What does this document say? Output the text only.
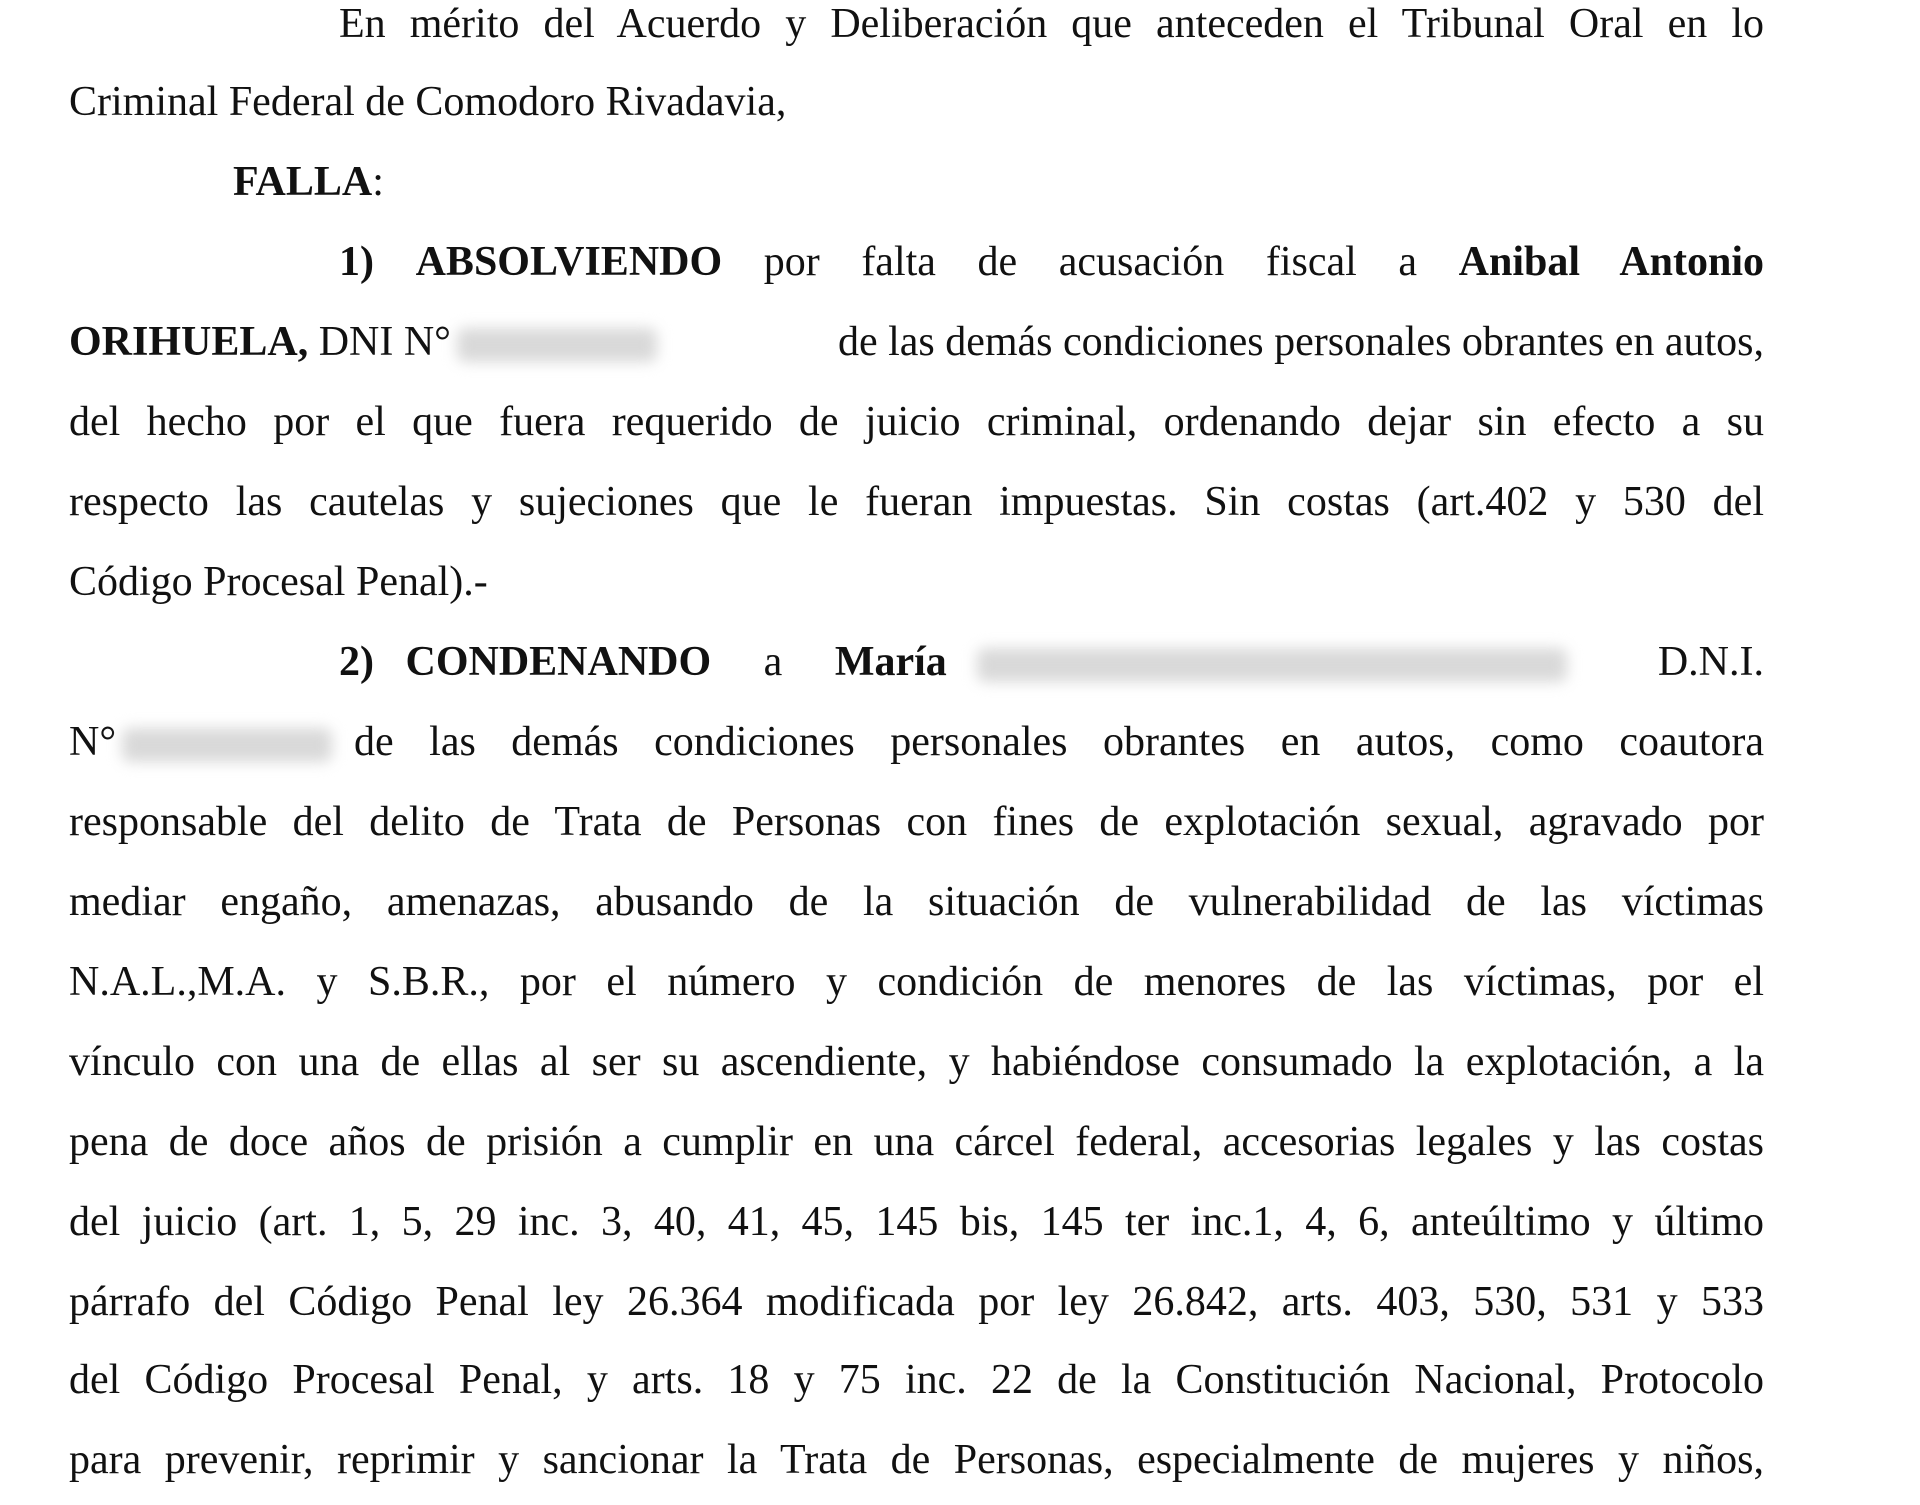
En mérito del Acuerdo y Deliberación que anteceden el Tribunal Oral en lo
Criminal Federal de Comodoro Rivadavia,
FALLA:
1) ABSOLVIENDO por falta de acusación fiscal a Anibal Antonio
ORIHUELA, DNI N°	de las demás condiciones personales obrantes en autos,
del hecho por el que fuera requerido de juicio criminal, ordenando dejar sin efecto a su
respecto las cautelas y sujeciones que le fueran impuestas. Sin costas (art.402 y 530 del
Código Procesal Penal).-
2) CONDENANDO a María	D.N.I.
N°	de las demás condiciones personales obrantes en autos, como coautora
responsable del delito de Trata de Personas con fines de explotación sexual, agravado por
mediar engaño, amenazas, abusando de la situación de vulnerabilidad de las víctimas
N.A.L.,M.A. y S.B.R., por el número y condición de menores de las víctimas, por el
vínculo con una de ellas al ser su ascendiente, y habiéndose consumado la explotación, a la
pena de doce años de prisión a cumplir en una cárcel federal, accesorias legales y las costas
del juicio (art. 1, 5, 29 inc. 3, 40, 41, 45, 145 bis, 145 ter inc.1, 4, 6, anteúltimo y último
párrafo del Código Penal ley 26.364 modificada por ley 26.842, arts. 403, 530, 531 y 533
del Código Procesal Penal, y arts. 18 y 75 inc. 22 de la Constitución Nacional, Protocolo
para prevenir, reprimir y sancionar la Trata de Personas, especialmente de mujeres y niños,
